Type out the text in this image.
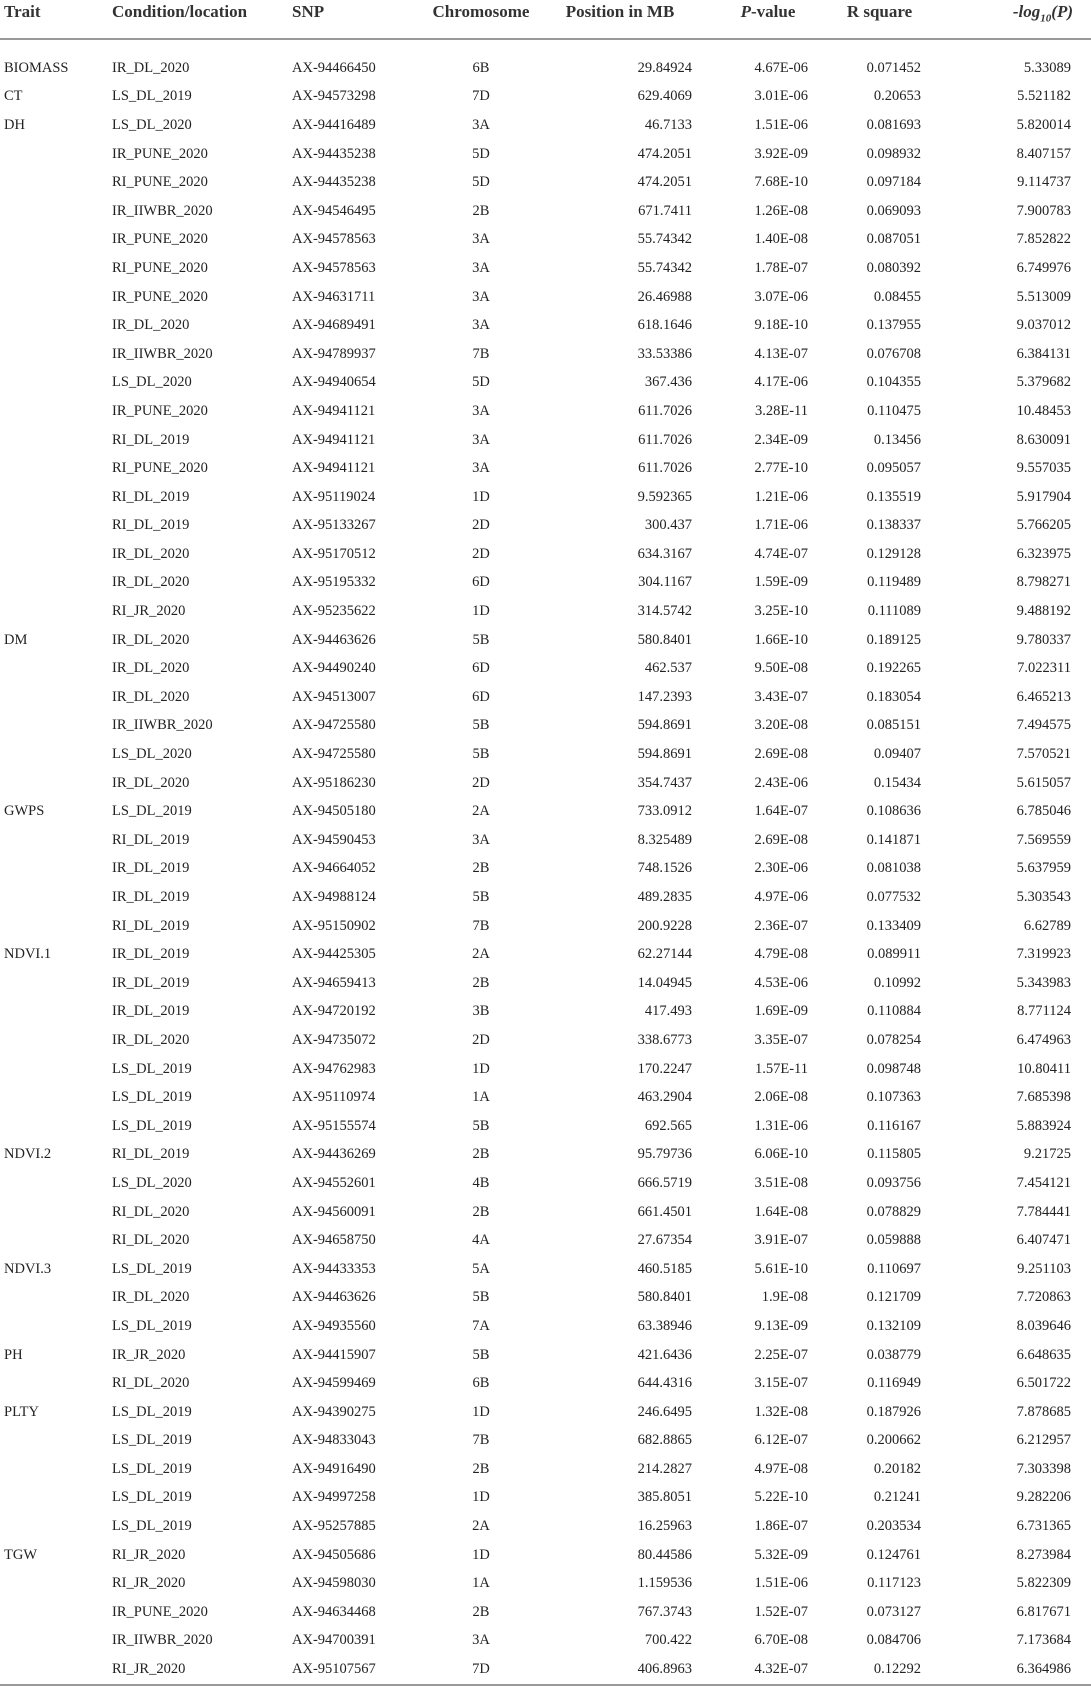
Trait	Condition/location	SNP	Chromosome	Position in MB	P-value	R square	$-\log_{10}(P)$

BIOMASS	IR_DL_2020	AX-94466450	6B	29.84924	4.67E-06	0.071452	5.33089
CT	LS_DL_2019	AX-94573298	7D	629.4069	3.01E-06	0.20653	5.521182
DH	LS_DL_2020	AX-94416489	3A	46.7133	1.51E-06	0.081693	5.820014
	IR_PUNE_2020	AX-94435238	5D	474.2051	3.92E-09	0.098932	8.407157
	RI_PUNE_2020	AX-94435238	5D	474.2051	7.68E-10	0.097184	9.114737
	IR_IIWBR_2020	AX-94546495	2B	671.7411	1.26E-08	0.069093	7.900783
	IR_PUNE_2020	AX-94578563	3A	55.74342	1.40E-08	0.087051	7.852822
	RI_PUNE_2020	AX-94578563	3A	55.74342	1.78E-07	0.080392	6.749976
	IR_PUNE_2020	AX-94631711	3A	26.46988	3.07E-06	0.08455	5.513009
	IR_DL_2020	AX-94689491	3A	618.1646	9.18E-10	0.137955	9.037012
	IR_IIWBR_2020	AX-94789937	7B	33.53386	4.13E-07	0.076708	6.384131
	LS_DL_2020	AX-94940654	5D	367.436	4.17E-06	0.104355	5.379682
	IR_PUNE_2020	AX-94941121	3A	611.7026	3.28E-11	0.110475	10.48453
	RI_DL_2019	AX-94941121	3A	611.7026	2.34E-09	0.13456	8.630091
	RI_PUNE_2020	AX-94941121	3A	611.7026	2.77E-10	0.095057	9.557035
	RI_DL_2019	AX-95119024	1D	9.592365	1.21E-06	0.135519	5.917904
	RI_DL_2019	AX-95133267	2D	300.437	1.71E-06	0.138337	5.766205
	IR_DL_2020	AX-95170512	2D	634.3167	4.74E-07	0.129128	6.323975
	IR_DL_2020	AX-95195332	6D	304.1167	1.59E-09	0.119489	8.798271
	RI_JR_2020	AX-95235622	1D	314.5742	3.25E-10	0.111089	9.488192
DM	IR_DL_2020	AX-94463626	5B	580.8401	1.66E-10	0.189125	9.780337
	IR_DL_2020	AX-94490240	6D	462.537	9.50E-08	0.192265	7.022311
	IR_DL_2020	AX-94513007	6D	147.2393	3.43E-07	0.183054	6.465213
	IR_IIWBR_2020	AX-94725580	5B	594.8691	3.20E-08	0.085151	7.494575
	LS_DL_2020	AX-94725580	5B	594.8691	2.69E-08	0.09407	7.570521
	IR_DL_2020	AX-95186230	2D	354.7437	2.43E-06	0.15434	5.615057
GWPS	LS_DL_2019	AX-94505180	2A	733.0912	1.64E-07	0.108636	6.785046
	RI_DL_2019	AX-94590453	3A	8.325489	2.69E-08	0.141871	7.569559
	IR_DL_2019	AX-94664052	2B	748.1526	2.30E-06	0.081038	5.637959
	IR_DL_2019	AX-94988124	5B	489.2835	4.97E-06	0.077532	5.303543
	RI_DL_2019	AX-95150902	7B	200.9228	2.36E-07	0.133409	6.62789
NDVI.1	IR_DL_2019	AX-94425305	2A	62.27144	4.79E-08	0.089911	7.319923
	IR_DL_2019	AX-94659413	2B	14.04945	4.53E-06	0.10992	5.343983
	IR_DL_2019	AX-94720192	3B	417.493	1.69E-09	0.110884	8.771124
	IR_DL_2020	AX-94735072	2D	338.6773	3.35E-07	0.078254	6.474963
	LS_DL_2019	AX-94762983	1D	170.2247	1.57E-11	0.098748	10.80411
	LS_DL_2019	AX-95110974	1A	463.2904	2.06E-08	0.107363	7.685398
	LS_DL_2019	AX-95155574	5B	692.565	1.31E-06	0.116167	5.883924
NDVI.2	RI_DL_2019	AX-94436269	2B	95.79736	6.06E-10	0.115805	9.21725
	LS_DL_2020	AX-94552601	4B	666.5719	3.51E-08	0.093756	7.454121
	RI_DL_2020	AX-94560091	2B	661.4501	1.64E-08	0.078829	7.784441
	RI_DL_2020	AX-94658750	4A	27.67354	3.91E-07	0.059888	6.407471
NDVI.3	LS_DL_2019	AX-94433353	5A	460.5185	5.61E-10	0.110697	9.251103
	IR_DL_2020	AX-94463626	5B	580.8401	1.9E-08	0.121709	7.720863
	LS_DL_2019	AX-94935560	7A	63.38946	9.13E-09	0.132109	8.039646
PH	IR_JR_2020	AX-94415907	5B	421.6436	2.25E-07	0.038779	6.648635
	RI_DL_2020	AX-94599469	6B	644.4316	3.15E-07	0.116949	6.501722
PLTY	LS_DL_2019	AX-94390275	1D	246.6495	1.32E-08	0.187926	7.878685
	LS_DL_2019	AX-94833043	7B	682.8865	6.12E-07	0.200662	6.212957
	LS_DL_2019	AX-94916490	2B	214.2827	4.97E-08	0.20182	7.303398
	LS_DL_2019	AX-94997258	1D	385.8051	5.22E-10	0.21241	9.282206
	LS_DL_2019	AX-95257885	2A	16.25963	1.86E-07	0.203534	6.731365
TGW	RI_JR_2020	AX-94505686	1D	80.44586	5.32E-09	0.124761	8.273984
	RI_JR_2020	AX-94598030	1A	1.159536	1.51E-06	0.117123	5.822309
	IR_PUNE_2020	AX-94634468	2B	767.3743	1.52E-07	0.073127	6.817671
	IR_IIWBR_2020	AX-94700391	3A	700.422	6.70E-08	0.084706	7.173684
	RI_JR_2020	AX-95107567	7D	406.8963	4.32E-07	0.12292	6.364986
